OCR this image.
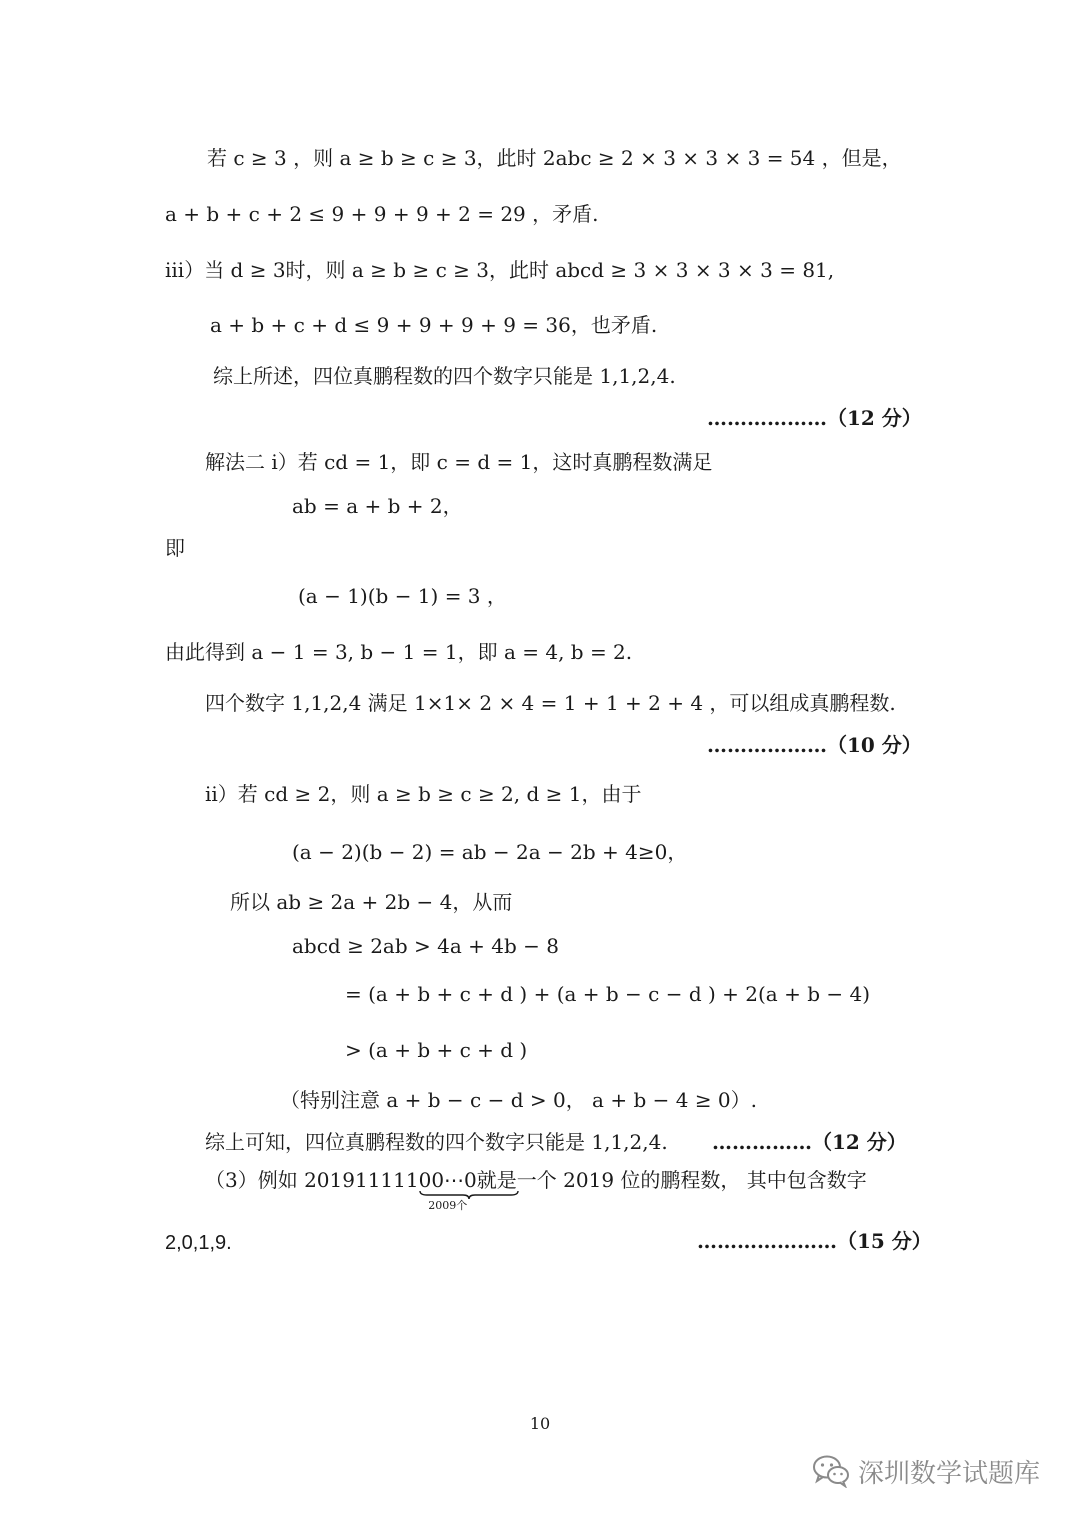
若 c ≥ 3 ，则 a ≥ b ≥ c ≥ 3，此时 2abc ≥ 2 × 3 × 3 × 3 = 54 ，但是，
a + b + c + 2 ≤ 9 + 9 + 9 + 2 = 29 ，矛盾.
iii）当 d ≥ 3时，则 a ≥ b ≥ c ≥ 3，此时 abcd ≥ 3 × 3 × 3 × 3 = 81,
a + b + c + d ≤ 9 + 9 + 9 + 9 = 36，也矛盾.
综上所述，四位真鹏程数的四个数字只能是 1,1,2,4.
………………（12 分）
解法二 i）若 cd = 1，即 c = d = 1，这时真鹏程数满足
ab = a + b + 2，
即
(a − 1)(b − 1) = 3 ，
由此得到 a − 1 = 3, b − 1 = 1，即 a = 4, b = 2.
四个数字 1,1,2,4 满足 1×1× 2 × 4 = 1 + 1 + 2 + 4 ，可以组成真鹏程数.
………………（10 分）
ii）若 cd ≥ 2，则 a ≥ b ≥ c ≥ 2, d ≥ 1，由于
(a − 2)(b − 2) = ab − 2a − 2b + 4≥0，
所以 ab ≥ 2a + 2b − 4，从而
abcd ≥ 2ab > 4a + 4b − 8
= (a + b + c + d ) + (a + b − c − d ) + 2(a + b − 4)
> (a + b + c + d )
（特别注意 a + b − c − d > 0， a + b − 4 ≥ 0）.
综上可知，四位真鹏程数的四个数字只能是 1,1,2,4. ……………（12 分）
（3）例如 20191111100⋯0
2009个
就是一个 2019 位的鹏程数， 其中包含数字
2,0,1,9.	…………………（15 分）
10
深圳数学试题库
